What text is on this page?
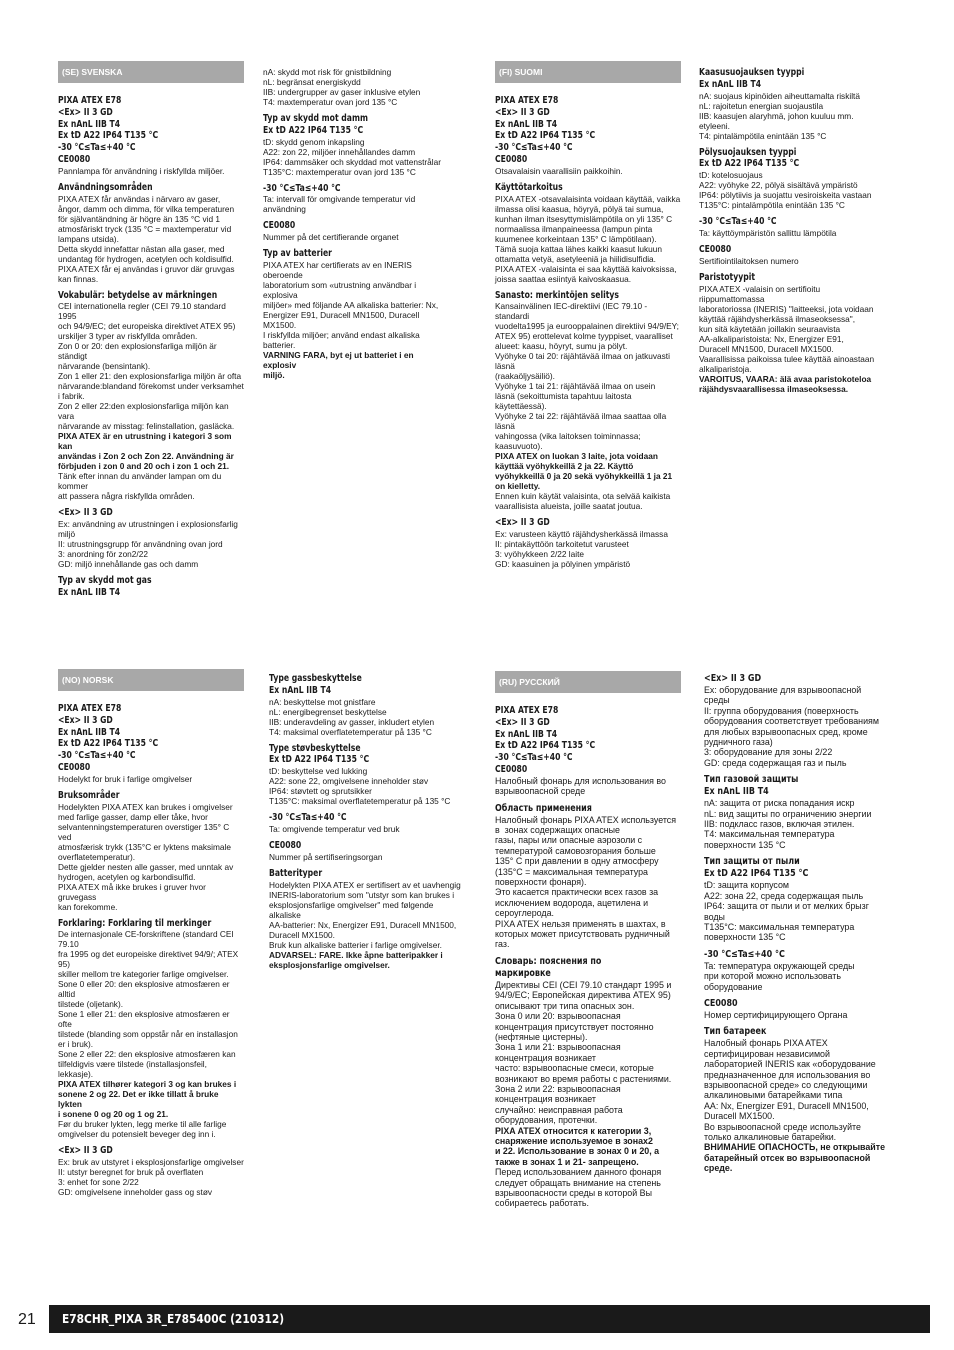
(SE) SVENSKA
PIXA ATEX E78
<Ex> II 3 GD
Ex nAnL IIB T4
Ex tD A22 IP64 T135 °C
-30 °C≤Ta≤+40 °C
CE0080
Pannlampa för användning i riskfyllda miljöer.
Användningsområden
PIXA ATEX får användas i närvaro av gaser,
ångor, damm och dimma, för vilka temperaturen
för självantändning är högre än 135 °C vid 1
atmosfäriskt tryck (135 °C = maxtemperatur vid
lampans utsida).
Detta skydd innefattar nästan alla gaser, med
undantag för hydrogen, acetylen och koldisulfid.
PIXA ATEX får ej användas i gruvor där gruvgas
kan finnas.
Vokabulär: betydelse av märkningen
CEI internationella regler (CEI 79.10 standard 1995
och 94/9/EC; det europeiska direktivet ATEX 95)
urskiljer 3 typer av riskfyllda områden.
Zon 0 or 20: den explosionsfarliga miljön är ständigt
närvarande (bensintank).
Zon 1 eller 21: den explosionsfarliga miljön är ofta
närvarande:blandand förekomst under verksamhet
i fabrik.
Zon 2 eller 22:den explosionsfarliga miljön kan vara
närvarande av misstag: felinstallation, gasläcka.
PIXA ATEX är en utrustning i kategori 3 som kan
användas i Zon 2 och Zon 22. Användning är
förbjuden i zon 0 and 20 och i zon 1 och 21.
Tänk efter innan du använder lampan om du kommer
att passera några riskfyllda områden.
<Ex> II 3 GD
Ex: användning av utrustningen i explosionsfarlig
miljö
II: utrustningsgrupp för användning ovan jord
3: anordning för zon2/22
GD: miljö innehållande gas och damm
Typ av skydd mot gas
Ex nAnL IIB T4
nA: skydd mot risk för gnistbildning
nL: begränsat energiskydd
IIB: undergrupper av gaser inklusive etylen
T4: maxtemperatur ovan jord 135 °C
Typ av skydd mot damm
Ex tD A22 IP64 T135 °C
tD: skydd genom inkapsling
A22: zon 22, miljöer innehållandes damm
IP64: dammsäker och skyddad mot vattenstrålar
T135°C: maxtemperatur ovan jord 135 °C
-30 °C≤Ta≤+40 °C
Ta: intervall för omgivande temperatur vid
användning
CE0080
Nummer på det certifierande organet
Typ av batterier
PIXA ATEX har certifierats av en INERIS oberoende
laboratorium som «utrustning användbar i explosiva
miljöer» med följande AA alkaliska batterier: Nx,
Energizer E91, Duracell MN1500, Duracell MX1500.
I riskfyllda miljöer; använd endast alkaliska batterier.
VARNING FARA, byt ej ut batteriet i en explosiv
miljö.
(FI) SUOMI
PIXA ATEX E78
<Ex> II 3 GD
Ex nAnL IIB T4
Ex tD A22 IP64 T135 °C
-30 °C≤Ta≤+40 °C
CE0080
Otsavalaisin vaarallisiin paikkoihin.
Käyttötarkoitus
PIXA ATEX -otsavalaisinta voidaan käyttää, vaikka
ilmassa olisi kaasua, höyryä, pölyä tai sumua,
kunhan ilman itsesyttymislämpötila on yli 135° C
normaalissa ilmanpaineessa (lampun pinta
kuumenee korkeintaan 135° C lämpötilaan).
Tämä suoja kattaa lähes kaikki kaasut lukuun
ottamatta vetyä, asetyleeniä ja hiilidisulfidia.
PIXA ATEX -valaisinta ei saa käyttää kaivoksissa,
joissa saattaa esiintyä kaivoskaasua.
Sanasto: merkintöjen selitys
Kansainvälinen IEC-direktiivi (IEC 79.10 -standardi
vuodelta1995 ja eurooppalainen direktiivi 94/9/EY;
ATEX 95) erottelevat kolme tyyppiset, vaaralliset
alueet: kaasu, höyryt, sumu ja pölyt.
Vyöhyke 0 tai 20: räjähtävää ilmaa on jatkuvasti läsnä
(raakaöljysäiliö).
Vyöhyke 1 tai 21: räjähtävää ilmaa on usein
läsnä (sekoittumista tapahtuu laitosta käytettäessä).
Vyöhyke 2 tai 22: räjähtävää ilmaa saattaa olla läsnä
vahingossa (vika laitoksen toiminnassa; kaasuvuoto).
PIXA ATEX on luokan 3 laite, jota voidaan
käyttää vyöhykkeillä 2 ja 22. Käyttö
vyöhykkeillä 0 ja 20 sekä vyöhykkeillä 1 ja 21
on kielletty.
Ennen kuin käytät valaisinta, ota selvää kaikista
vaarallisista alueista, joille saatat joutua.
<Ex> II 3 GD
Ex: varusteen käyttö räjähdysherkässä ilmassa
II: pintakäyttöön tarkoitetut varusteet
3: vyöhykkeen 2/22 laite
GD: kaasuinen ja pölyinen ympäristö
Kaasusuojauksen tyyppi
Ex nAnL IIB T4
nA: suojaus kipinöiden aiheuttamalta riskiltä
nL: rajoitetun energian suojaustila
IIB: kaasujen alaryhmä, johon kuuluu mm. etyleeni.
T4: pintalämpötila enintään 135 °C
Pölysuojauksen tyyppi
Ex tD A22 IP64 T135 °C
tD: kotelosuojaus
A22: vyöhyke 22, pölyä sisältävä ympäristö
IP64: pölytiivis ja suojattu vesiroiskeita vastaan
T135°C: pintalämpötila enintään 135 °C
-30 °C≤Ta≤+40 °C
Ta: käyttöympäristön sallittu lämpötila
CE0080
Sertifiointilaitoksen numero
Paristotyypit
PIXA ATEX -valaisin on sertifioitu riippumattomassa
laboratoriossa (INERIS) "laitteeksi, jota voidaan
käyttää räjähdysherkässä ilmaseoksessa",
kun sitä käytetään joillakin seuraavista
AA-alkaliparistoista: Nx, Energizer E91,
Duracell MN1500, Duracell MX1500.
Vaarallisissa paikoissa tulee käyttää ainoastaan
alkaliparistoja.
VAROITUS, VAARA: älä avaa paristokoteloa
räjähdysvaarallisessa ilmaseoksessa.
(NO) NORSK
PIXA ATEX E78
<Ex> II 3 GD
Ex nAnL IIB T4
Ex tD A22 IP64 T135 °C
-30 °C≤Ta≤+40 °C
CE0080
Hodelykt for bruk i farlige omgivelser
Bruksområder
Hodelykten PIXA ATEX kan brukes i omgivelser
med farlige gasser, damp eller tåke, hvor
selvantenningstemperaturen overstiger 135° C ved
atmosfærisk trykk (135°C er lyktens maksimale
overflatetemperatur).
Dette gjelder nesten alle gasser, med unntak av
hydrogen, acetylen og karbondisulfid.
PIXA ATEX må ikke brukes i gruver hvor gruvegass
kan forekomme.
Forklaring: Forklaring til merkinger
De internasjonale CE-forskriftene (standard CEI 79.10
fra 1995 og det europeiske direktivet 94/9/; ATEX 95)
skiller mellom tre kategorier farlige omgivelser.
Sone 0 eller 20: den eksplosive atmosfæren er alltid
tilstede (oljetank).
Sone 1 eller 21: den eksplosive atmosfæren er ofte
tilstede (blanding som oppstår når en installasjon
er i bruk).
Sone 2 eller 22: den eksplosive atmosfæren kan
tilfeldigvis være tilstede (installasjonsfeil, lekkasje).
PIXA ATEX tilhører kategori 3 og kan brukes i
sonene 2 og 22. Det er ikke tillatt å bruke lykten
i sonene 0 og 20 og 1 og 21.
Før du bruker lykten, legg merke til alle farlige
omgivelser du potensielt beveger deg inn i.
<Ex> II 3 GD
Ex: bruk av utstyret i eksplosjonsfarlige omgivelser
II: utstyr beregnet for bruk på overflaten
3: enhet for sone 2/22
GD: omgivelsene inneholder gass og støv
Type gassbeskyttelse
Ex nAnL IIB T4
nA: beskyttelse mot gnistfare
nL: energibegrenset beskyttelse
IIB: underavdeling av gasser, inkludert etylen
T4: maksimal overflatetemperatur på 135 °C
Type støvbeskyttelse
Ex tD A22 IP64 T135 °C
tD: beskyttelse ved lukking
A22: sone 22, omgivelsene inneholder støv
IP64: støvtett og sprutsikker
T135°C: maksimal overflatetemperatur på 135 °C
-30 °C≤Ta≤+40 °C
Ta: omgivende temperatur ved bruk
CE0080
Nummer på sertifiseringsorgan
Batterityper
Hodelykten PIXA ATEX er sertifisert av et uavhengig
INERIS-laboratorium som "utstyr som kan brukes i
eksplosjonsfarlige omgivelser" med følgende alkaliske
AA-batterier: Nx, Energizer E91, Duracell MN1500,
Duracell MX1500.
Bruk kun alkaliske batterier i farlige omgivelser.
ADVARSEL: FARE. Ikke åpne batteripakker i
eksplosjonsfarlige omgivelser.
(RU) РУССКИЙ
PIXA ATEX E78
<Ex> II 3 GD
Ex nAnL IIB T4
Ex tD A22 IP64 T135 °C
-30 °C≤Ta≤+40 °C
CE0080
Налобный фонарь для использования во
взрывоопасной среде
Область применения
Налобный фонарь PIXA ATEX используется
в  зонах содержащих опасные
газы, пары или опасные аэрозоли с
температурой самовозгорания больше
135° С при давлении в одну атмосферу
(135°С = максимальная температура
поверхности фонаря).
Это касается практически всех газов за
исключением водорода, ацетилена и
сероуглерода.
PIXA ATEX нельзя применять в шахтах, в
которых может присутствовать рудничный
газ.
Словарь: пояснения по
маркировке
Директивы CEI (CEI 79.10 стандарт 1995 и
94/9/EC; Европейская директива ATEX 95)
описывают три типа опасных зон.
Зона 0 или 20: взрывоопасная
концентрация присутствует постоянно
(нефтяные цистерны).
Зона 1 или 21: взрывоопасная
концентрация возникает
часто: взрывоопасные смеси, которые
возникают во время работы с растениями.
Зона 2 или 22: взрывоопасная
концентрация возникает
случайно: неисправная работа
оборудования, протечки.
PIXA ATEX относится к категории 3,
снаряжение используемое в зонах2
и 22. Использование в зонах 0 и 20, а
также в зонах 1 и 21- запрещено.
Перед использованием данного фонаря
следует обращать внимание на степень
взрывоопасности среды в которой Вы
собираетесь работать.
<Ex> II 3 GD
Ex: оборудование для взрывоопасной
среды
II: группа оборудования (поверхность
оборудования соответствует требованиям
для любых взрывоопасных сред, кроме
рудничного газа)
3: оборудование для зоны 2/22
GD: среда содержащая газ и пыль
Тип газовой защиты
Ex nAnL IIB T4
nA: защита от риска попадания искр
nL: вид защиты по ограничению энергии
IIB: подкласс газов, включая этилен.
T4: максимальная температура
поверхности 135 °С
Тип защиты от пыли
Ex tD A22 IP64 T135 °C
tD: защита корпусом
A22: зона 22, среда содержащая пыль
IP64: защита от пыли и от мелких брызг
воды
T135°C: максимальная температура
поверхности 135 °С
-30 °C≤Ta≤+40 °C
Ta: температура окружающей среды
при которой можно использовать
оборудование
CE0080
Номер сертифицирующего Органа
Тип батареек
Налобный фонарь PIXA ATEX
сертифицирован независимой
лабораторией INERIS как «оборудование
предназначенное для использования во
взрывоопасной среде» со следующими
алкалиновыми батарейками типа
AA: Nx, Energizer E91, Duracell MN1500,
Duracell MX1500.
Во взрывоопасной среде используйте
только алкалиновые батарейки.
ВНИМАНИЕ ОПАСНОСТЬ, не открывайте
батарейный отсек во взрывоопасной
среде.
21 E78CHR_PIXA 3R_E785400C (210312)
